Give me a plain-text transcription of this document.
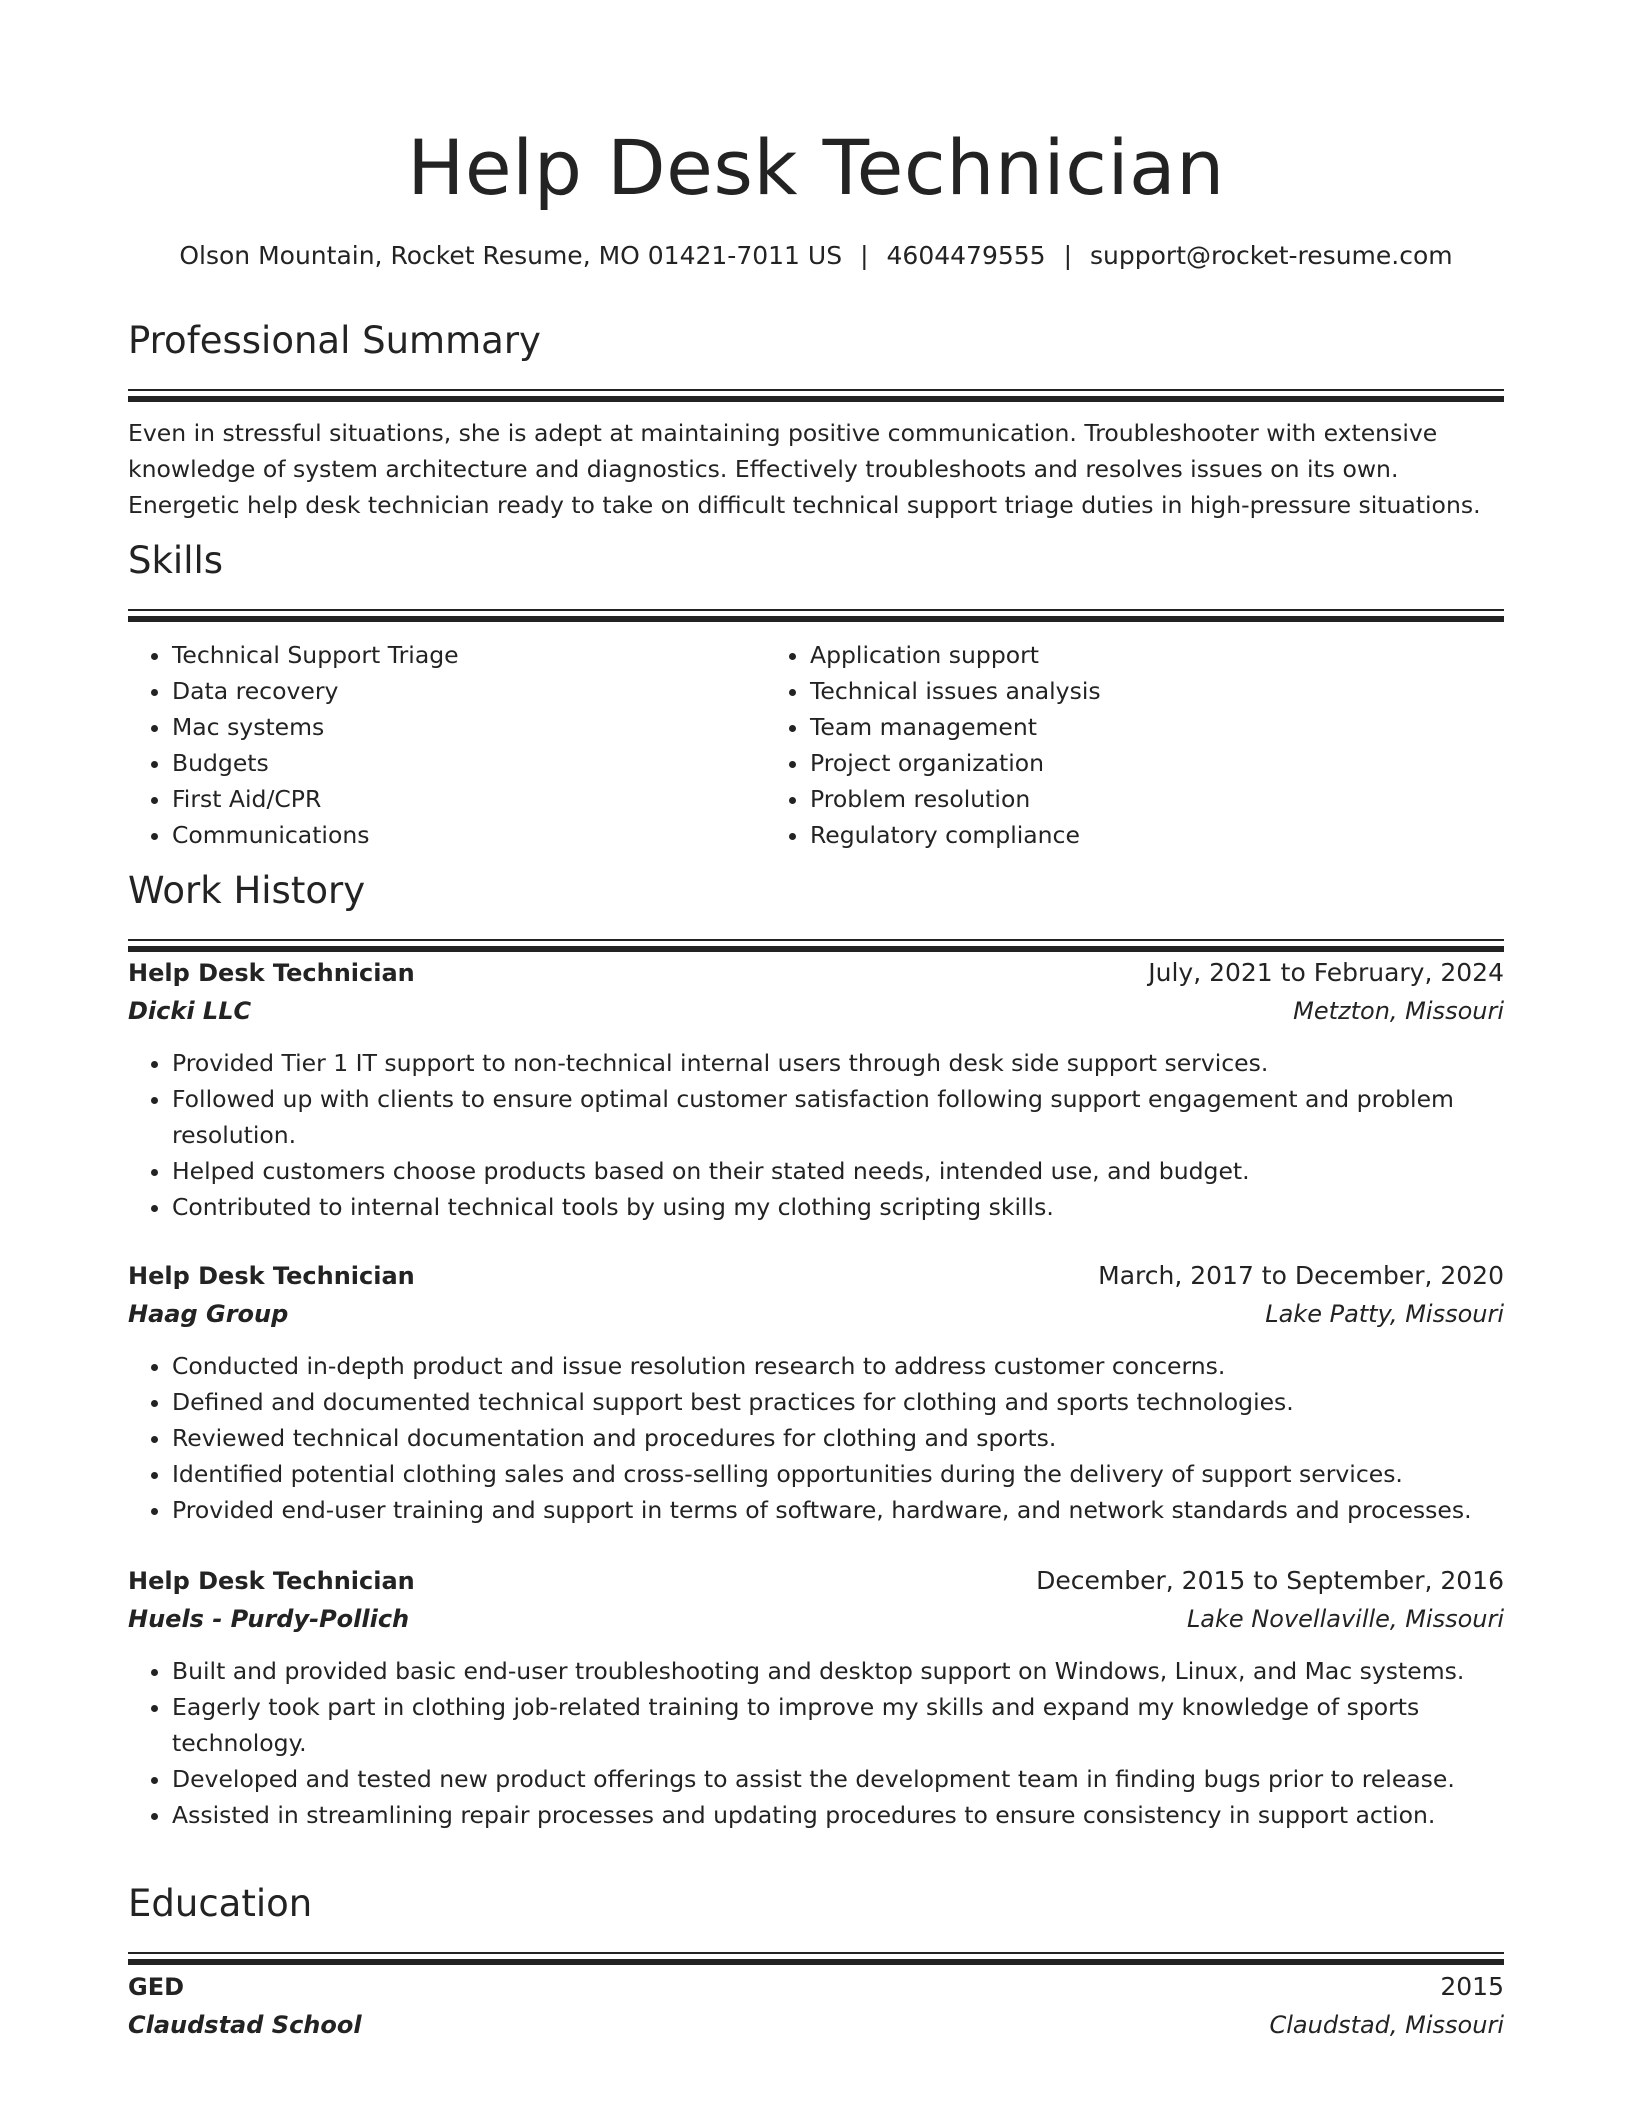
Help Desk Technician
Olson Mountain, Rocket Resume, MO 01421-7011 US | 4604479555 | support@rocket-resume.com
Professional Summary
Even in stressful situations, she is adept at maintaining positive communication. Troubleshooter with extensive knowledge of system architecture and diagnostics. Effectively troubleshoots and resolves issues on its own. Energetic help desk technician ready to take on difficult technical support triage duties in high-pressure situations.
Skills
• Technical Support Triage
• Data recovery
• Mac systems
• Budgets
• First Aid/CPR
• Communications
• Application support
• Technical issues analysis
• Team management
• Project organization
• Problem resolution
• Regulatory compliance
Work History
Help Desk Technician	July, 2021 to February, 2024
Dicki LLC	Metzton, Missouri
• Provided Tier 1 IT support to non-technical internal users through desk side support services.
• Followed up with clients to ensure optimal customer satisfaction following support engagement and problem resolution.
• Helped customers choose products based on their stated needs, intended use, and budget.
• Contributed to internal technical tools by using my clothing scripting skills.
Help Desk Technician	March, 2017 to December, 2020
Haag Group	Lake Patty, Missouri
• Conducted in-depth product and issue resolution research to address customer concerns.
• Defined and documented technical support best practices for clothing and sports technologies.
• Reviewed technical documentation and procedures for clothing and sports.
• Identified potential clothing sales and cross-selling opportunities during the delivery of support services.
• Provided end-user training and support in terms of software, hardware, and network standards and processes.
Help Desk Technician	December, 2015 to September, 2016
Huels - Purdy-Pollich	Lake Novellaville, Missouri
• Built and provided basic end-user troubleshooting and desktop support on Windows, Linux, and Mac systems.
• Eagerly took part in clothing job-related training to improve my skills and expand my knowledge of sports technology.
• Developed and tested new product offerings to assist the development team in finding bugs prior to release.
• Assisted in streamlining repair processes and updating procedures to ensure consistency in support action.
Education
GED	2015
Claudstad School	Claudstad, Missouri
